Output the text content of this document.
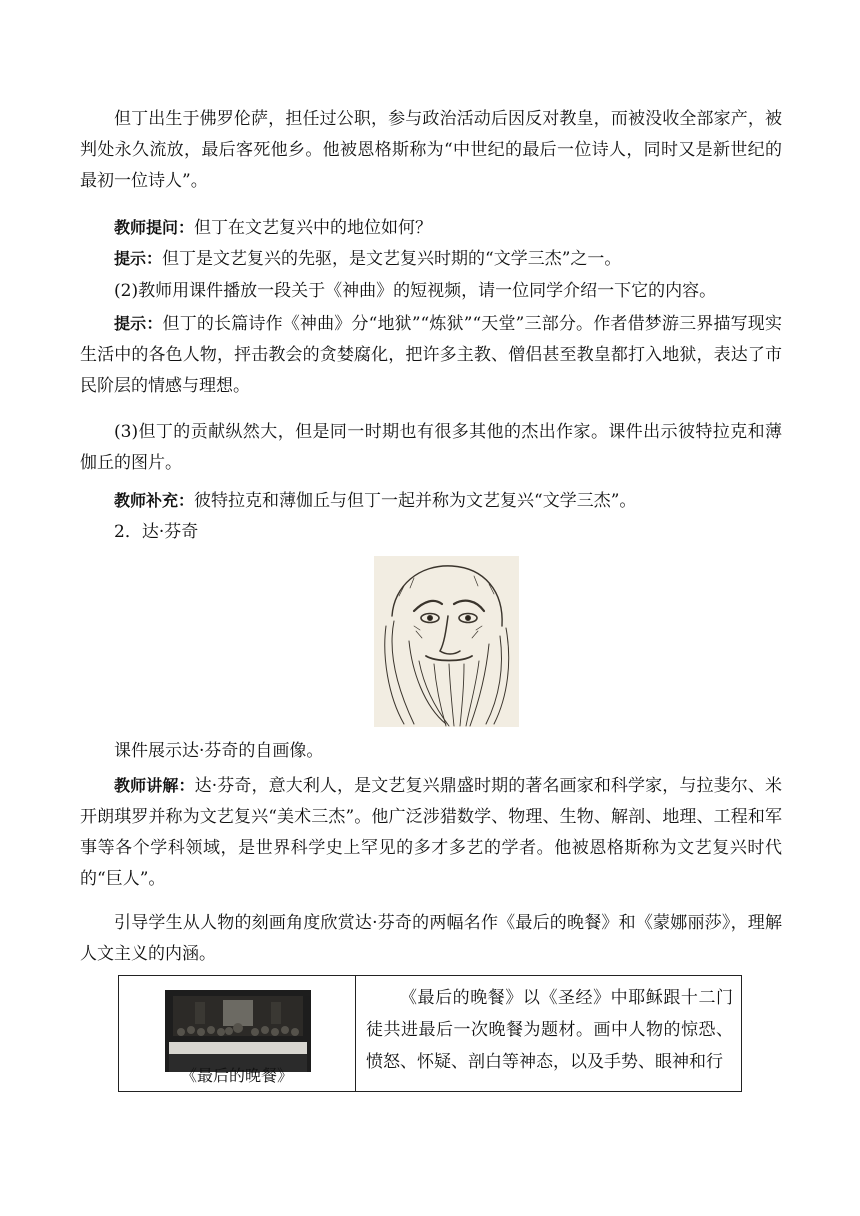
但丁出生于佛罗伦萨，担任过公职，参与政治活动后因反对教皇，而被没收全部家产，被判处永久流放，最后客死他乡。他被恩格斯称为“中世纪的最后一位诗人，同时又是新世纪的最初一位诗人”。

教师提问：但丁在文艺复兴中的地位如何？

提示：但丁是文艺复兴的先驱，是文艺复兴时期的“文学三杰”之一。

(2)教师用课件播放一段关于《神曲》的短视频，请一位同学介绍一下它的内容。

提示：但丁的长篇诗作《神曲》分“地狱”“炼狱”“天堂”三部分。作者借梦游三界描写现实生活中的各色人物，抨击教会的贪婪腐化，把许多主教、僧侣甚至教皇都打入地狱，表达了市民阶层的情感与理想。

(3)但丁的贡献纵然大，但是同一时期也有很多其他的杰出作家。课件出示彼特拉克和薄伽丘的图片。

教师补充：彼特拉克和薄伽丘与但丁一起并称为文艺复兴“文学三杰”。

2．达·芬奇

课件展示达·芬奇的自画像。

教师讲解：达·芬奇，意大利人，是文艺复兴鼎盛时期的著名画家和科学家，与拉斐尔、米开朗琪罗并称为文艺复兴“美术三杰”。他广泛涉猎数学、物理、生物、解剖、地理、工程和军事等各个学科领域，是世界科学史上罕见的多才多艺的学者。他被恩格斯称为文艺复兴时代的“巨人”。

引导学生从人物的刻画角度欣赏达·芬奇的两幅名作《最后的晚餐》和《蒙娜丽莎》，理解人文主义的内涵。

《最后的晚餐》
	《最后的晚餐》以《圣经》中耶稣跟十二门徒共进最后一次晚餐为题材。画中人物的惊恐、愤怒、怀疑、剖白等神态，以及手势、眼神和行
